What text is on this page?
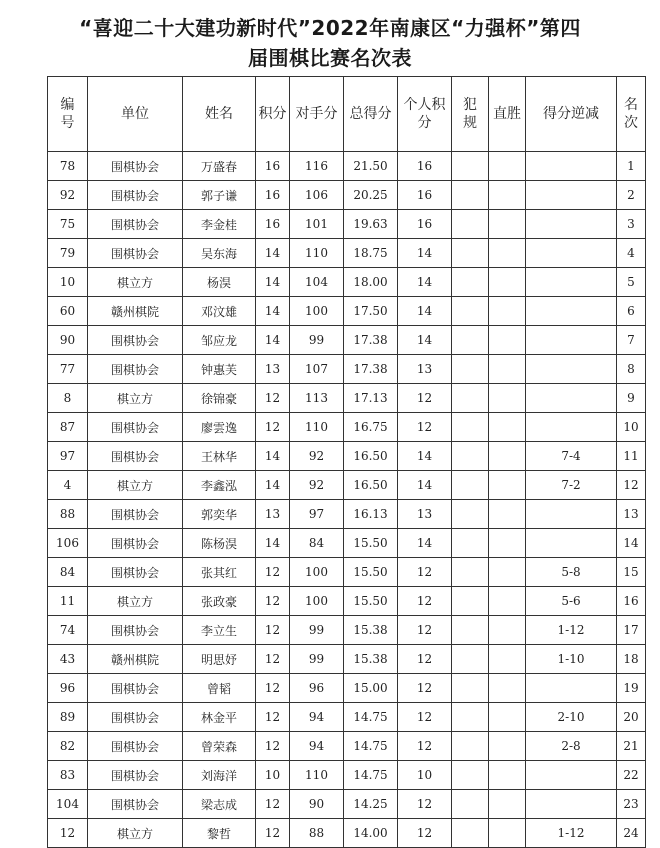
“喜迎二十大建功新时代”2022年南康区“力强杯”第四
届围棋比赛名次表
编号	单位	姓名	积分	对手分	总得分	个人积分	犯规	直胜	得分逆减	名次
78	围棋协会	万盛春	16	116	21.50	16				1
92	围棋协会	郭子谦	16	106	20.25	16				2
75	围棋协会	李金桂	16	101	19.63	16				3
79	围棋协会	吴东海	14	110	18.75	14				4
10	棋立方	杨淏	14	104	18.00	14				5
60	赣州棋院	邓汶雄	14	100	17.50	14				6
90	围棋协会	邹应龙	14	99	17.38	14				7
77	围棋协会	钟惠芙	13	107	17.38	13				8
8	棋立方	徐锦豪	12	113	17.13	12				9
87	围棋协会	廖雲逸	12	110	16.75	12				10
97	围棋协会	王林华	14	92	16.50	14			7-4	11
4	棋立方	李鑫泓	14	92	16.50	14			7-2	12
88	围棋协会	郭奕华	13	97	16.13	13				13
106	围棋协会	陈杨淏	14	84	15.50	14				14
84	围棋协会	张其红	12	100	15.50	12			5-8	15
11	棋立方	张政豪	12	100	15.50	12			5-6	16
74	围棋协会	李立生	12	99	15.38	12			1-12	17
43	赣州棋院	明思妤	12	99	15.38	12			1-10	18
96	围棋协会	曾韬	12	96	15.00	12				19
89	围棋协会	林金平	12	94	14.75	12			2-10	20
82	围棋协会	曾荣森	12	94	14.75	12			2-8	21
83	围棋协会	刘海洋	10	110	14.75	10				22
104	围棋协会	梁志成	12	90	14.25	12				23
12	棋立方	黎哲	12	88	14.00	12			1-12	24
